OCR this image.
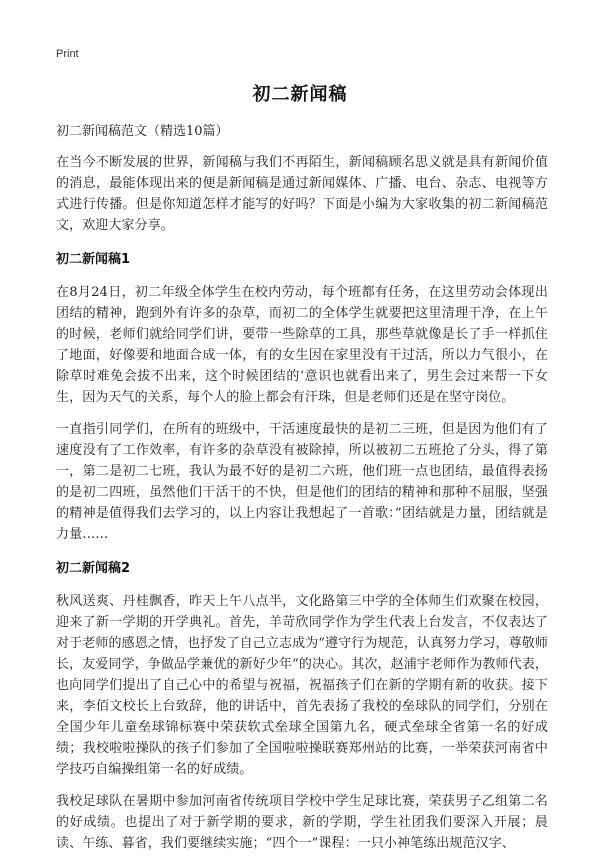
Print
初二新闻稿
初二新闻稿范文（精选10篇）

在当今不断发展的世界，新闻稿与我们不再陌生，新闻稿顾名思义就是具有新闻价值的消息，最能体现出来的便是新闻稿是通过新闻媒体、广播、电台、杂志、电视等方式进行传播。但是你知道怎样才能写的好吗？下面是小编为大家收集的初二新闻稿范文，欢迎大家分享。

初二新闻稿1

在8月24日，初二年级全体学生在校内劳动，每个班都有任务，在这里劳动会体现出团结的精神，跑到外有许多的杂草，而初二的全体学生就要把这里清理干净，在上午的时候，老师们就给同学们讲，要带一些除草的工具，那些草就像是长了手一样抓住了地面，好像要和地面合成一体，有的女生因在家里没有干过活，所以力气很小，在除草时难免会拔不出来，这个时候团结的‘意识也就看出来了，男生会过来帮一下女生，因为天气的关系，每个人的脸上都会有汗珠，但是老师们还是在坚守岗位。

一直指引同学们，在所有的班级中，干活速度最快的是初二三班，但是因为他们有了速度没有了工作效率，有许多的杂草没有被除掉，所以被初二五班抢了分头，得了第一，第二是初二七班，我认为最不好的是初二六班，他们班一点也团结，最值得表扬的是初二四班，虽然他们干活干的不快，但是他们的团结的精神和那种不屈服，坚强的精神是值得我们去学习的，以上内容让我想起了一首歌：”团结就是力量，团结就是力量……

初二新闻稿2

秋风送爽、丹桂飘香，昨天上午八点半，文化路第三中学的全体师生们欢聚在校园，迎来了新一学期的开学典礼。首先，羊苛欣同学作为学生代表上台发言，不仅表达了对于老师的感恩之情，也抒发了自己立志成为“遵守行为规范，认真努力学习，尊敬师长，友爱同学，争做品学兼优的新好少年”的决心。其次，赵浦宇老师作为教师代表，也向同学们提出了自己心中的希望与祝福，祝福孩子们在新的学期有新的收获。接下来，李佰文校长上台致辞，他的讲话中，首先表扬了我校的垒球队的同学们，分别在全国少年儿童垒球锦标赛中荣获软式垒球全国第九名，硬式垒球全省第一名的好成绩；我校啦啦操队的孩子们参加了全国啦啦操联赛郑州站的比赛，一举荣获河南省中学技巧自编操组第一名的好成绩。

我校足球队在暑期中参加河南省传统项目学校中学生足球比赛，荣获男子乙组第二名的好成绩。也提出了对于新学期的要求，新的学期，学生社团我们要深入开展；晨读、午练、暮省，我们要继续实施；“四个一”课程：一只小神笔练出规范汉字、
